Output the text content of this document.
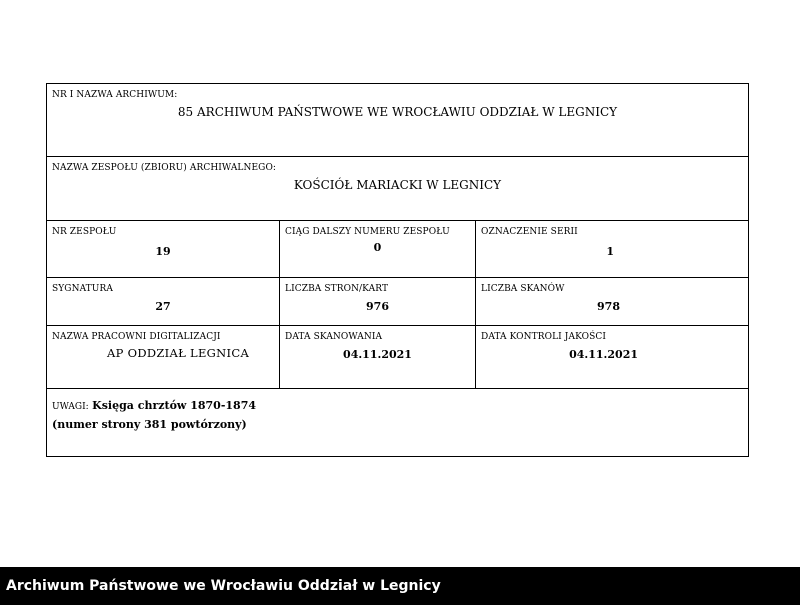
NR I NAZWA ARCHIWUM:
85 ARCHIWUM PAŃSTWOWE WE WROCŁAWIU ODDZIAŁ W LEGNICY
NAZWA ZESPOŁU (ZBIORU) ARCHIWALNEGO:
KOŚCIÓŁ MARIACKI W LEGNICY
NR ZESPOŁU
19
CIĄG DALSZY NUMERU ZESPOŁU
0
OZNACZENIE SERII
1
SYGNATURA
27
LICZBA STRON/KART
976
LICZBA SKANÓW
978
NAZWA PRACOWNI DIGITALIZACJI
AP ODDZIAŁ LEGNICA
DATA SKANOWANIA
04.11.2021
DATA KONTROLI JAKOŚCI
04.11.2021
UWAGI: Księga chrztów 1870-1874
(numer strony 381 powtórzony)
Archiwum Państwowe we Wrocławiu Oddział w Legnicy
